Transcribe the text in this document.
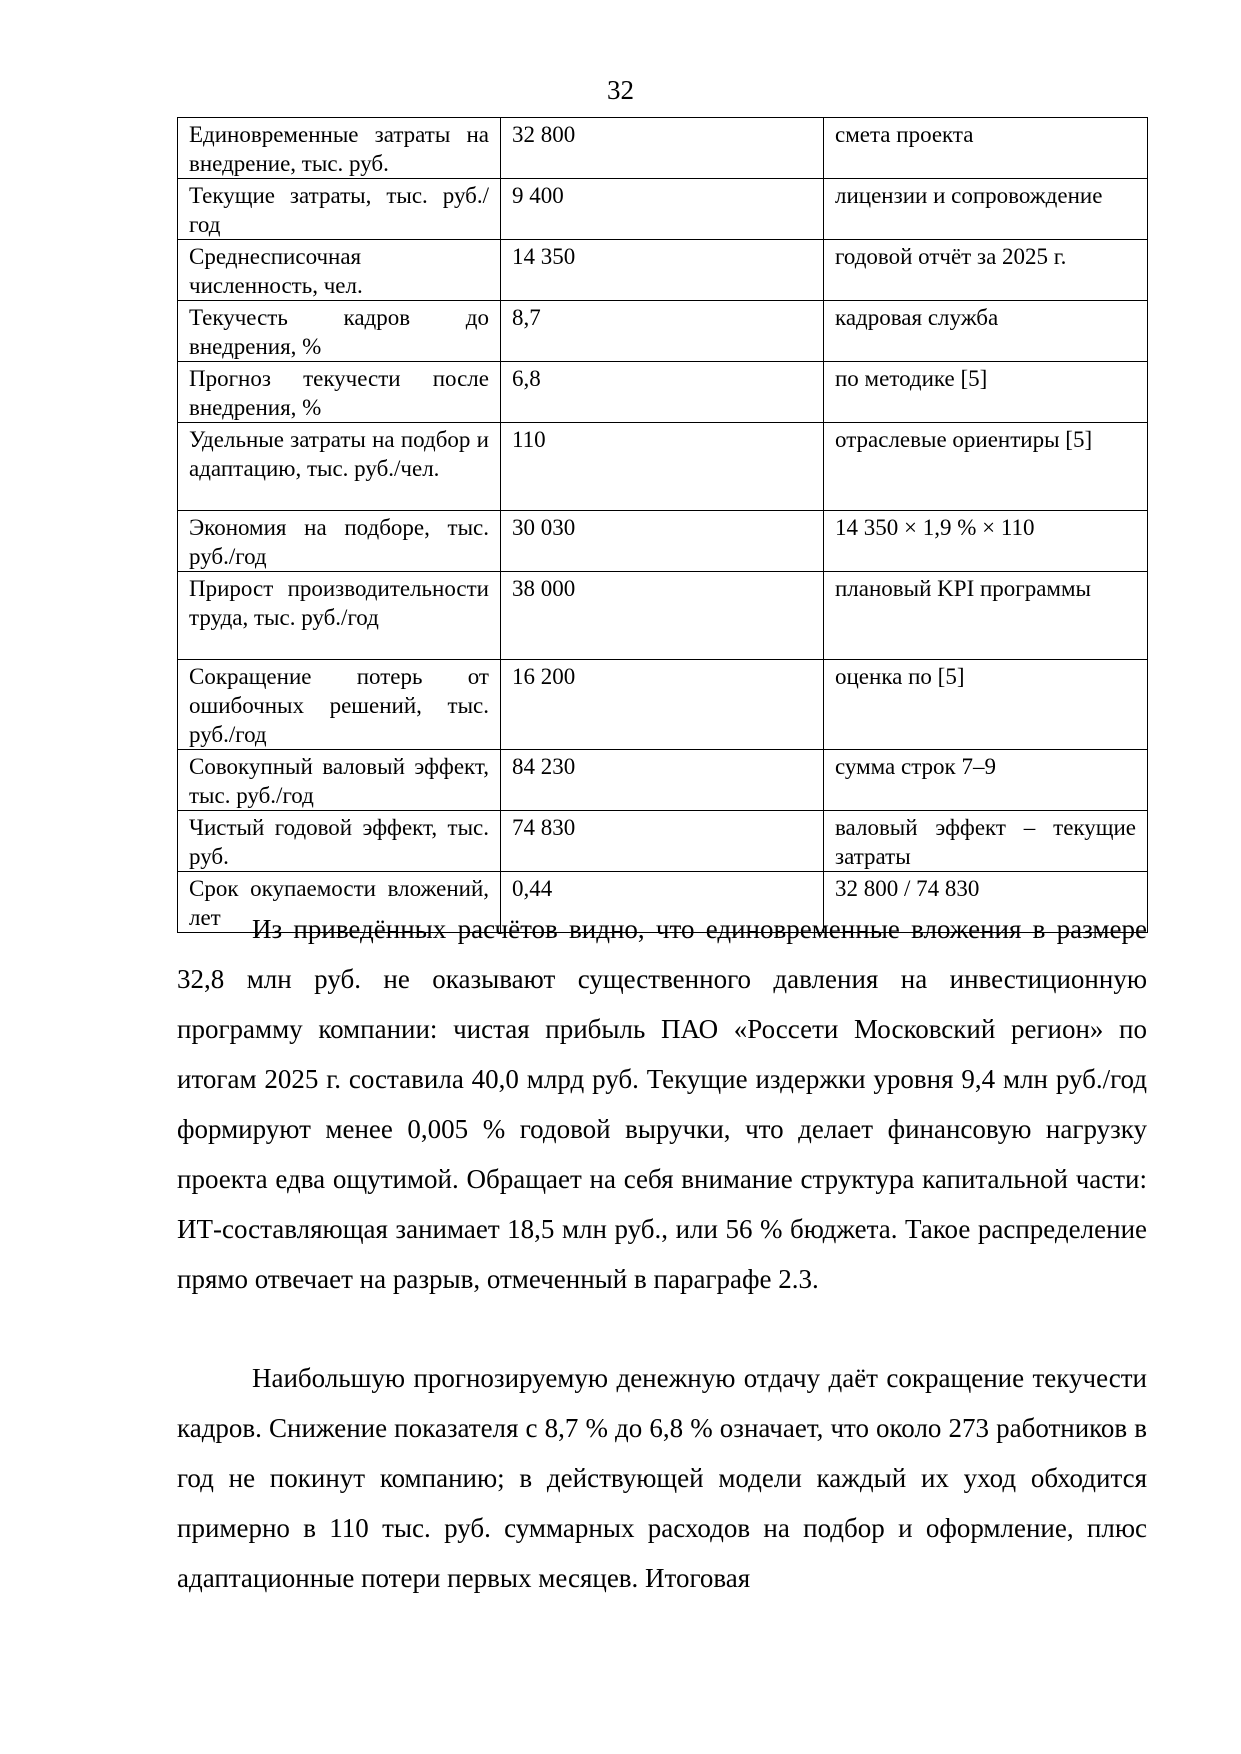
32
Единовременные затраты на внедрение, тыс. руб.	32 800	смета проекта
Текущие затраты, тыс. руб./год	9 400	лицензии и сопровождение
Среднесписочная численность, чел.	14 350	годовой отчёт за 2025 г.
Текучесть кадров до внедрения, %	8,7	кадровая служба
Прогноз текучести после внедрения, %	6,8	по методике [5]
Удельные затраты на подбор и адаптацию, тыс. руб./чел.	110	отраслевые ориентиры [5]
Экономия на подборе, тыс. руб./год	30 030	14 350 × 1,9 % × 110
Прирост производительности труда, тыс. руб./год	38 000	плановый KPI программы
Сокращение потерь от ошибочных решений, тыс. руб./год	16 200	оценка по [5]
Совокупный валовый эффект, тыс. руб./год	84 230	сумма строк 7–9
Чистый годовой эффект, тыс. руб.	74 830	валовый эффект – текущие затраты
Срок окупаемости вложений, лет	0,44	32 800 / 74 830

Из приведённых расчётов видно, что единовременные вложения в размере 32,8 млн руб. не оказывают существенного давления на инвестиционную программу компании: чистая прибыль ПАО «Россети Московский регион» по итогам 2025 г. составила 40,0 млрд руб. Текущие издержки уровня 9,4 млн руб./год формируют менее 0,005 % годовой выручки, что делает финансовую нагрузку проекта едва ощутимой. Обращает на себя внимание структура капитальной части: ИТ-составляющая занимает 18,5 млн руб., или 56 % бюджета. Такое распределение прямо отвечает на разрыв, отмеченный в параграфе 2.3.

Наибольшую прогнозируемую денежную отдачу даёт сокращение текучести кадров. Снижение показателя с 8,7 % до 6,8 % означает, что около 273 работников в год не покинут компанию; в действующей модели каждый их уход обходится примерно в 110 тыс. руб. суммарных расходов на подбор и оформление, плюс адаптационные потери первых месяцев. Итоговая
